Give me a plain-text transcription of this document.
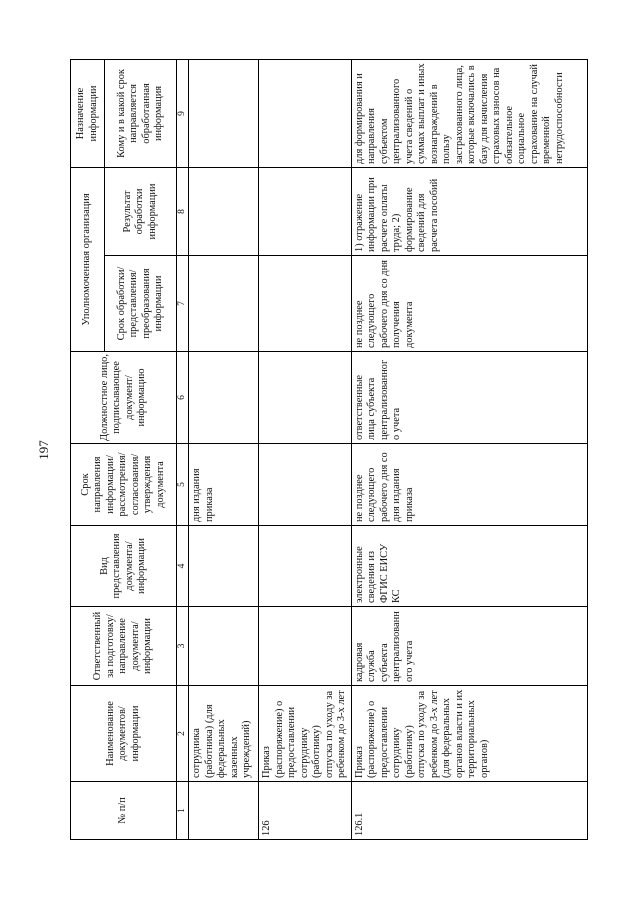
197
№ п/п	Наименование документов/ информации	Ответственный за подготовку/ направление документа/ информации	Вид представления документа/ информации	Срок направления информации/ рассмотрения/ согласования/ утверждения документа	Должностное лицо, подписывающее документ/ информацию	Уполномоченная организация		Назначение информации
						Срок обработки/ представления/ преобразования информации	Результат обработки информации	Кому и в какой срок направляется обработанная информация
1	2	3	4	5	6	7	8	9
	сотрудника (работника) (для федеральных казенных учреждений)			дня издания приказа				
126	Приказ (распоряжение) о предоставлении сотруднику (работнику) отпуска по уходу за ребенком до 3-х лет							
126.1	Приказ (распоряжение) о предоставлении сотруднику (работнику) отпуска по уходу за ребенком до 3-х лет (для федеральных органов власти и их территориальных органов)	кадровая служба субъекта централизованного учета	электронные сведения из ФГИС ЕИСУ КС	не позднее следующего рабочего дня со дня издания приказа	ответственные лица субъекта централизованного учета	не позднее следующего рабочего дня со дня получения документа	1) отражение информации при расчете оплаты труда; 2) формирование сведений для расчета пособий	для формирования и направления субъектом централизованного учета сведений о суммах выплат и иных вознаграждений в пользу застрахованного лица, которые включались в базу для начисления страховых взносов на обязательное социальное страхование на случай временной нетрудоспособности
